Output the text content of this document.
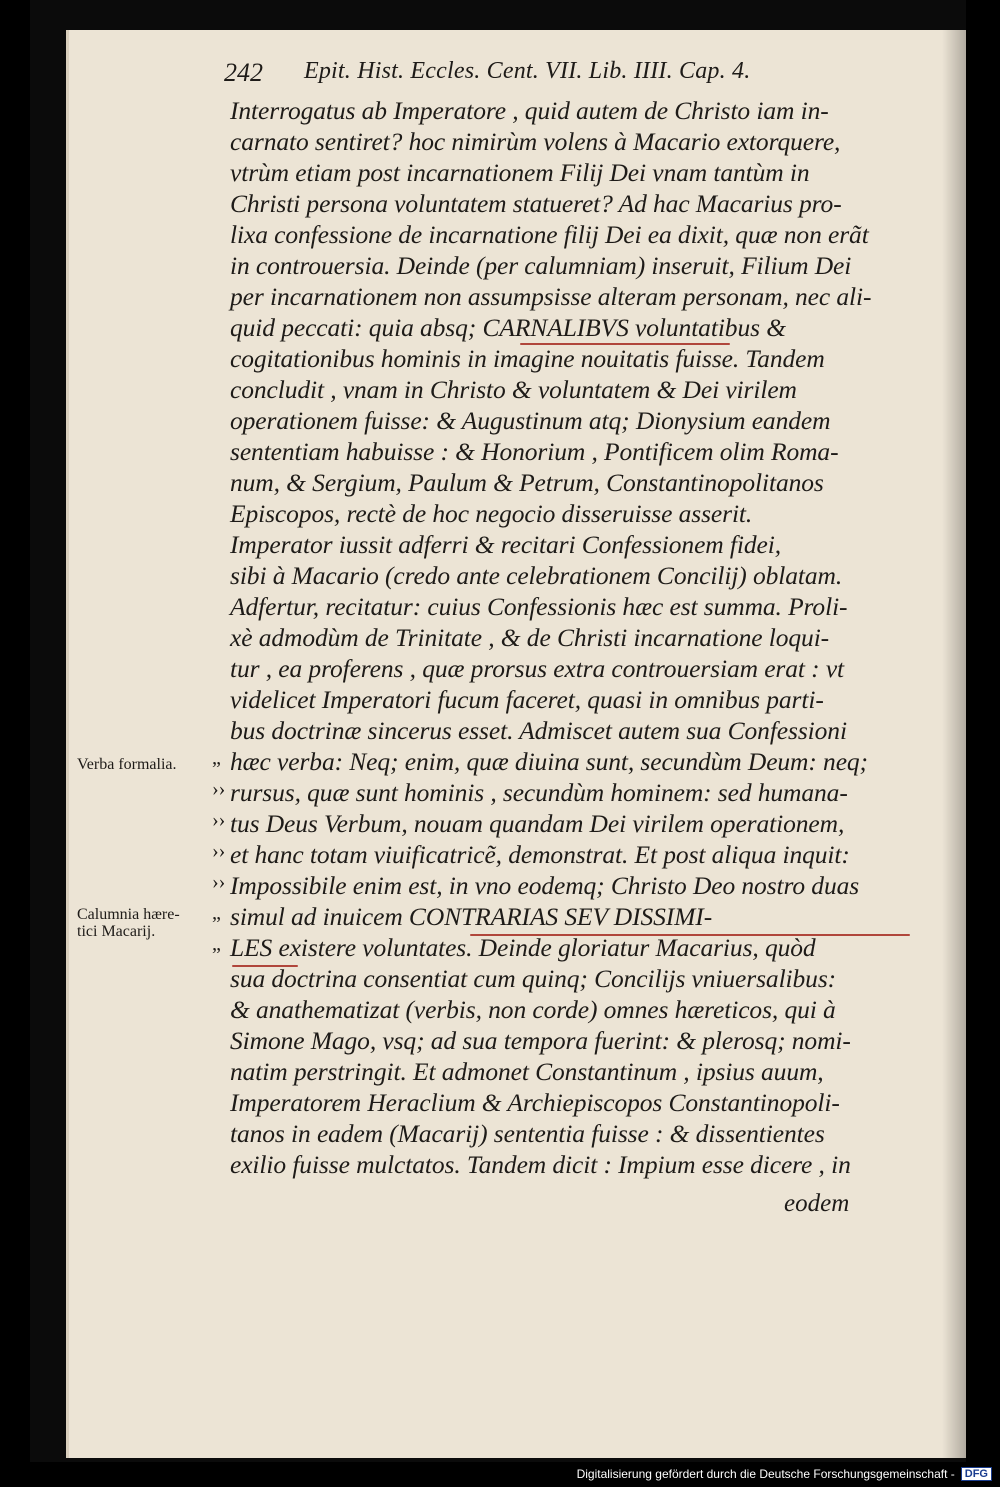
242 Epit. Hist. Eccles. Cent. VII. Lib. IIII. Cap. 4.
Interrogatus ab Imperatore , quid autem de Christo iam in-
carnato sentiret? hoc nimirùm volens à Macario extorquere,
vtrùm etiam post incarnationem Filij Dei vnam tantùm in
Christi persona voluntatem statueret? Ad hac Macarius pro-
lixa confessione de incarnatione filij Dei ea dixit, quæ non erãt
in controuersia. Deinde (per calumniam) inseruit, Filium Dei
per incarnationem non assumpsisse alteram personam, nec ali-
quid peccati: quia absq; CARNALIBVS voluntatibus &
cogitationibus hominis in imagine nouitatis fuisse. Tandem
concludit , vnam in Christo & voluntatem & Dei virilem
operationem fuisse: & Augustinum atq; Dionysium eandem
sententiam habuisse : & Honorium , Pontificem olim Roma-
num, & Sergium, Paulum & Petrum, Constantinopolitanos
Episcopos, rectè de hoc negocio disseruisse asserit.
Imperator iussit adferri & recitari Confessionem fidei,
sibi à Macario (credo ante celebrationem Concilij) oblatam.
Adfertur, recitatur: cuius Confessionis hæc est summa. Proli-
xè admodùm de Trinitate , & de Christi incarnatione loqui-
tur , ea proferens , quæ prorsus extra controuersiam erat : vt
videlicet Imperatori fucum faceret, quasi in omnibus parti-
bus doctrinæ sincerus esset. Admiscet autem sua Confessioni
hæc verba: Neq; enim, quæ diuina sunt, secundùm Deum: neq;
rursus, quæ sunt hominis , secundùm hominem: sed humana-
tus Deus Verbum, nouam quandam Dei virilem operationem,
et hanc totam viuificatricẽ, demonstrat. Et post aliqua inquit:
Impossibile enim est, in vno eodemq; Christo Deo nostro duas
simul ad inuicem CONTRARIAS SEV DISSIMI-
LES existere voluntates. Deinde gloriatur Macarius, quòd
sua doctrina consentiat cum quinq; Concilijs vniuersalibus:
& anathematizat (verbis, non corde) omnes hæreticos, qui à
Simone Mago, vsq; ad sua tempora fuerint: & plerosq; nomi-
natim perstringit. Et admonet Constantinum , ipsius auum,
Imperatorem Heraclium & Archiepiscopos Constantinopoli-
tanos in eadem (Macarij) sententia fuisse : & dissentientes
exilio fuisse mulctatos. Tandem dicit : Impium esse dicere , in
eodem
Verba formalia.
Calumnia hære-
tici Macarij.
„
››
››
››
››
„
„
Digitalisierung gefördert durch die Deutsche Forschungsgemeinschaft - DFG
